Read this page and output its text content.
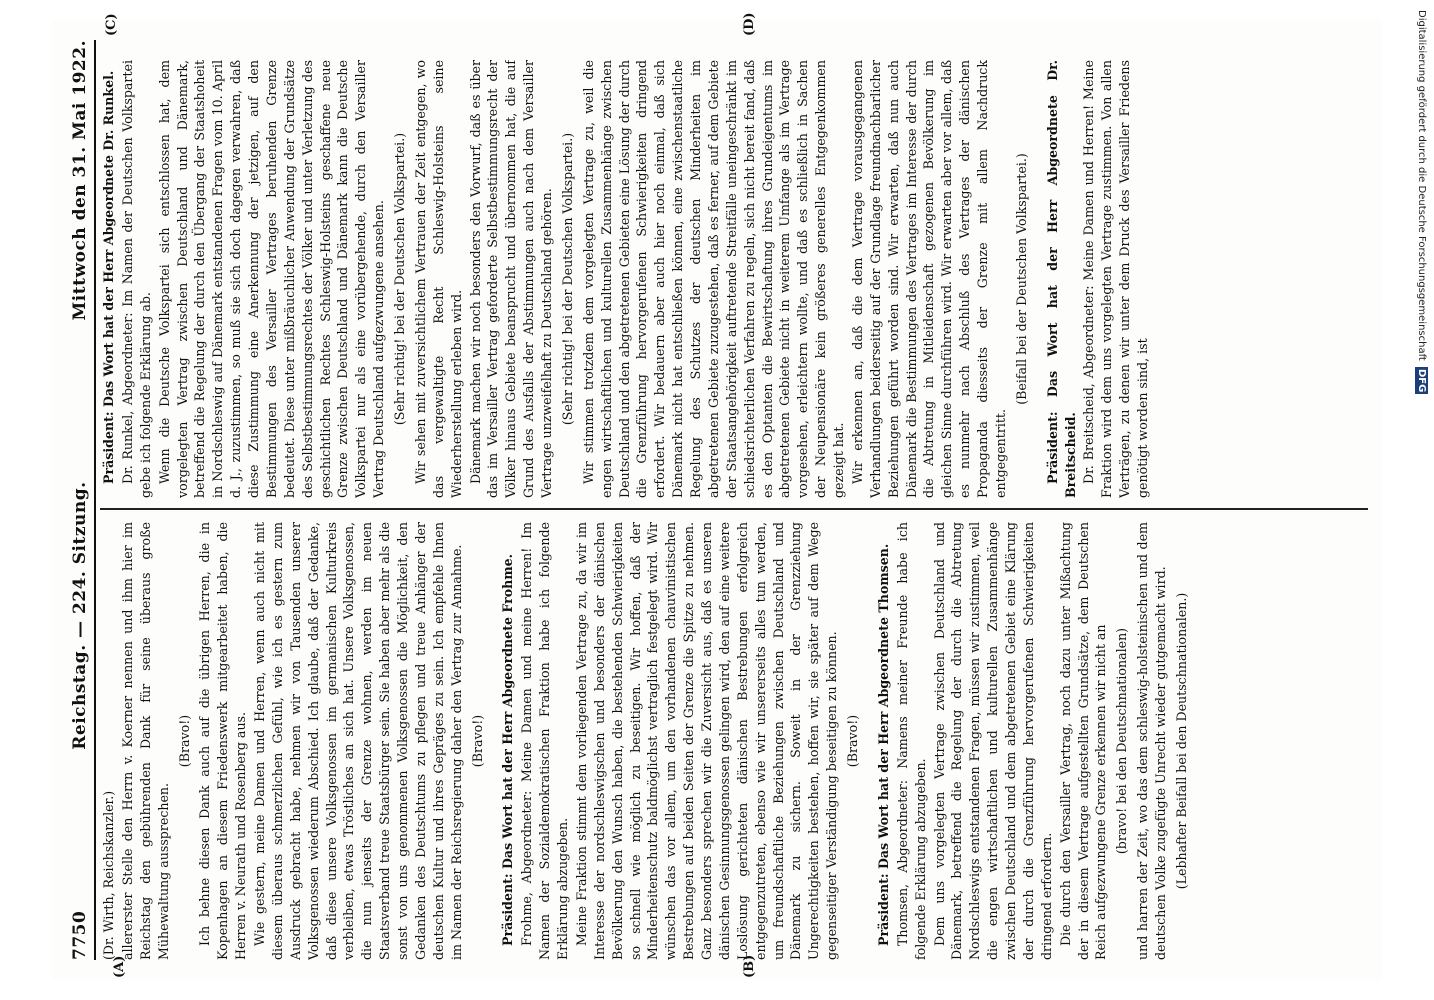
7750
Reichstag. — 224. Sitzung.
Mittwoch den 31. Mai 1922.
(A)	(B)
(C)	(D)

(Dr. Wirth, Reichskanzler.) allererster Stelle den Herrn v. Koerner nennen und ihm hier im Reichstag den gebührenden Dank für seine überaus große Mühewaltung aussprechen.

(Bravo!) Ich behne diesen Dank auch auf die übrigen Herren, die in Kopenhagen an diesem Friedenswerk mitgearbeitet haben, die Herren v. Neurath und Rosenberg aus. Wie gestern, meine Damen und Herren, wenn auch nicht mit diesem überaus schmerzlichen Gefühl, wie ich es gestern zum Ausdruck gebracht habe, nehmen wir von Tausenden unserer Volksgenossen wiederum Abschied. Ich glaube, daß der Gedanke, daß diese unsere Volksgenossen im germanischen Kulturkreis verbleiben, etwas Tröstliches an sich hat. Unsere Volksgenossen, die nun jenseits der Grenze wohnen, werden im neuen Staatsverband treue Staatsbürger sein. Sie haben aber mehr als die sonst von uns genommenen Volksgenossen die Möglichkeit, den Gedanken des Deutschtums zu pflegen und treue Anhänger der deutschen Kultur und ihres Gepräges zu sein. Ich empfehle Ihnen im Namen der Reichsregierung daher den Vertrag zur Annahme. (Bravo!) Präsident: Das Wort hat der Herr Abgeordnete Frohme. Frohme, Abgeordneter: Meine Damen und meine Herren! Im Namen der Sozialdemokratischen Fraktion habe ich folgende Erklärung abzugeben. Meine Fraktion stimmt dem vorliegenden Vertrage zu, da wir im Interesse der nordschleswigschen und besonders der dänischen Bevölkerung den Wunsch haben, die bestehenden Schwierigkeiten so schnell wie möglich zu beseitigen. Wir hoffen, daß der Minderheitenschutz baldmöglichst vertraglich festgelegt wird. Wir wünschen das vor allem, um den vorhandenen chauvinistischen Bestrebungen auf beiden Seiten der Grenze die Spitze zu nehmen. Ganz besonders sprechen wir die Zuversicht aus, daß es unseren dänischen Gesinnungsgenossen gelingen wird, den auf eine weitere Loslösung gerichteten dänischen Bestrebungen erfolgreich entgegenzutreten, ebenso wie wir unsererseits alles tun werden, um freundschaftliche Beziehungen zwischen Deutschland und Dänemark zu sichern. Soweit in der Grenzziehung Ungerechtigkeiten bestehen, hoffen wir, sie später auf dem Wege gegenseitiger Verständigung beseitigen zu können. (Bravo!) Präsident: Das Wort hat der Herr Abgeordnete Thomsen. Thomsen, Abgeordneter: Namens meiner Freunde habe ich folgende Erklärung abzugeben. Dem uns vorgelegten Vertrage zwischen Deutschland und Dänemark, betreffend die Regelung der durch die Abtretung Nordschleswigs entstandenen Fragen, müssen wir zustimmen, weil die engen wirtschaftlichen und kulturellen Zusammenhänge zwischen Deutschland und dem abgetretenen Gebiet eine Klärung der durch die Grenzführung hervorgerufenen Schwierigkeiten dringend erfordern. Die durch den Versailler Vertrag, noch dazu unter Mißachtung der in diesem Vertrage aufgestellten Grundsätze, dem Deutschen Reich aufgezwungene Grenze erkennen wir nicht an (bravo! bei den Deutschnationalen) und harren der Zeit, wo das dem schleswig-holsteinischen und dem deutschen Volke zugefügte Unrecht wieder gutgemacht wird. (Lebhafter Beifall bei den Deutschnationalen.)

Präsident: Das Wort hat der Herr Abgeordnete Dr. Runkel. Dr. Runkel, Abgeordneter: Im Namen der Deutschen Volkspartei gebe ich folgende Erklärung ab. Wenn die Deutsche Volkspartei sich entschlossen hat, dem vorgelegten Vertrag zwischen Deutschland und Dänemark, betreffend die Regelung der durch den Übergang der Staatshoheit in Nordschleswig auf Dänemark entstandenen Fragen vom 10. April d. J., zuzustimmen, so muß sie sich doch dagegen verwahren, daß diese Zustimmung eine Anerkennung der jetzigen, auf den Bestimmungen des Versailler Vertrages beruhenden Grenze bedeutet. Diese unter mißbräuchlicher Anwendung der Grundsätze des Selbstbestimmungsrechtes der Völker und unter Verletzung des geschichtlichen Rechtes Schleswig-Holsteins geschaffene neue Grenze zwischen Deutschland und Dänemark kann die Deutsche Volkspartei nur als eine vorübergehende, durch den Versailler Vertrag Deutschland aufgezwungene ansehen. (Sehr richtig! bei der Deutschen Volkspartei.) Wir sehen mit zuversichtlichem Vertrauen der Zeit entgegen, wo das vergewaltigte Recht Schleswig-Holsteins seine Wiederherstellung erleben wird. Dänemark machen wir noch besonders den Vorwurf, daß es über das im Versailler Vertrag geforderte Selbstbestimmungsrecht der Völker hinaus Gebiete beansprucht und übernommen hat, die auf Grund des Ausfalls der Abstimmungen auch nach dem Versailler Vertrage unzweifelhaft zu Deutschland gehören. (Sehr richtig! bei der Deutschen Volkspartei.) Wir stimmen trotzdem dem vorgelegten Vertrage zu, weil die engen wirtschaftlichen und kulturellen Zusammenhänge zwischen Deutschland und den abgetretenen Gebieten eine Lösung der durch die Grenzführung hervorgerufenen Schwierigkeiten dringend erfordert. Wir bedauern aber auch hier noch einmal, daß sich Dänemark nicht hat entschließen können, eine zwischenstaatliche Regelung des Schutzes der deutschen Minderheiten im abgetretenen Gebiete zuzugestehen, daß es ferner, auf dem Gebiete der Staatsangehörigkeit auftretende Streitfälle uneingeschränkt im schiedsrichterlichen Verfahren zu regeln, sich nicht bereit fand, daß es den Optanten die Bewirtschaftung ihres Grundeigentums im abgetretenen Gebiete nicht in weiterem Umfange als im Vertrage vorgesehen, erleichtern wollte, und daß es schließlich in Sachen der Neupensionäre kein größeres generelles Entgegenkommen gezeigt hat. Wir erkennen an, daß die dem Vertrage vorausgegangenen Verhandlungen beiderseitig auf der Grundlage freundnachbarlicher Beziehungen geführt worden sind. Wir erwarten, daß nun auch Dänemark die Bestimmungen des Vertrages im Interesse der durch die Abtretung in Mitleidenschaft gezogenen Bevölkerung im gleichen Sinne durchführen wird. Wir erwarten aber vor allem, daß es nunmehr nach Abschluß des Vertrages der dänischen Propaganda diesseits der Grenze mit allem Nachdruck entgegentritt.

(Beifall bei der Deutschen Volkspartei.) Präsident: Das Wort hat der Herr Abgeordnete Dr. Breitscheid. Dr. Breitscheid, Abgeordneter: Meine Damen und Herren! Meine Fraktion wird dem uns vorgelegten Vertrage zustimmen. Von allen Verträgen, zu denen wir unter dem Druck des Versailler Friedens genötigt worden sind, ist

Digitalisierung gefördert durch die Deutsche Forschungsgemeinschaft DFG
